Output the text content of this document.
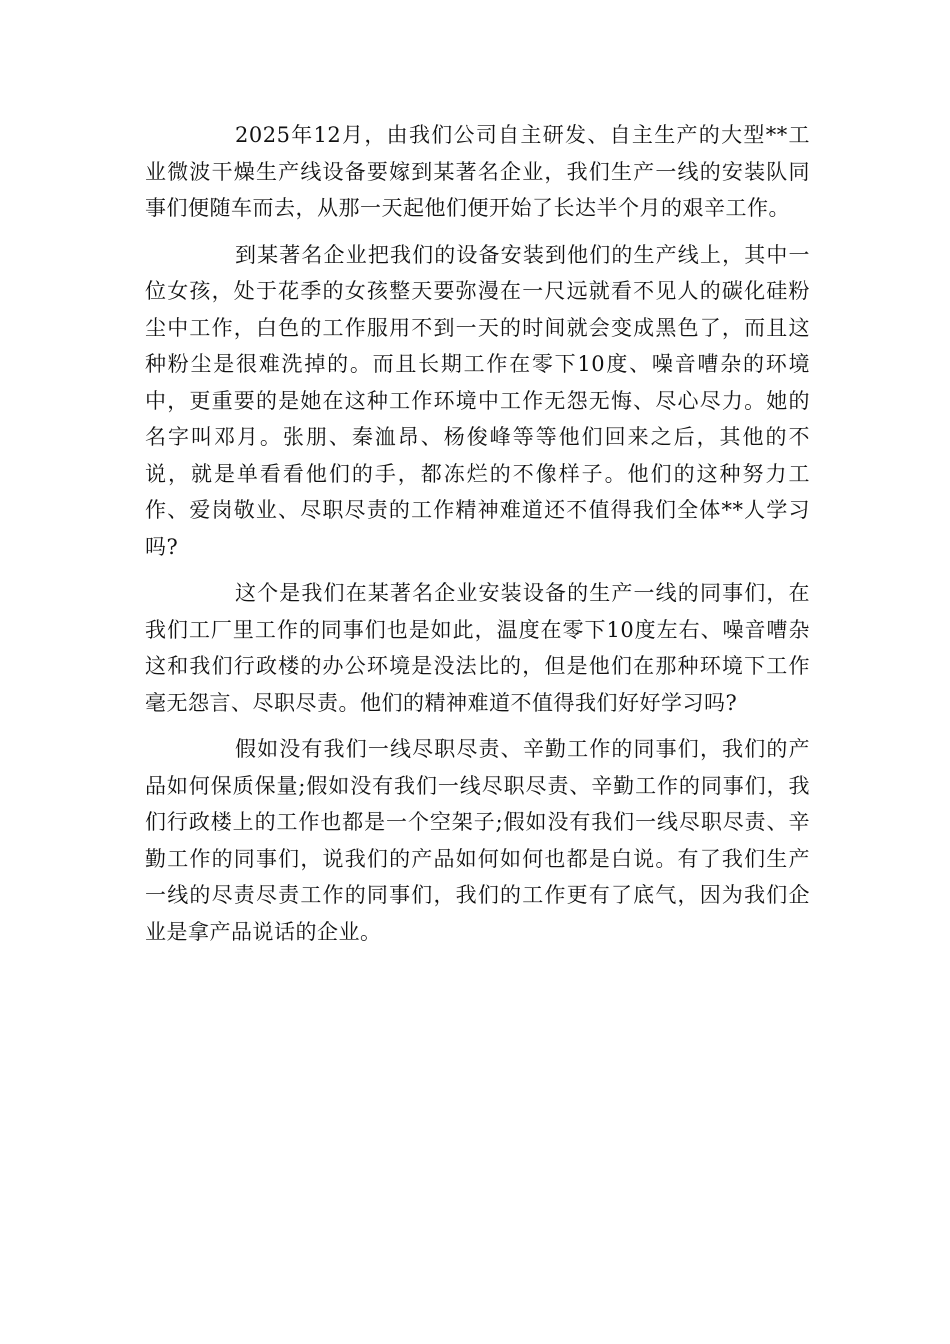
2025年12月，由我们公司自主研发、自主生产的大型**工业微波干燥生产线设备要嫁到某著名企业，我们生产一线的安装队同事们便随车而去，从那一天起他们便开始了长达半个月的艰辛工作。

到某著名企业把我们的设备安装到他们的生产线上，其中一位女孩，处于花季的女孩整天要弥漫在一尺远就看不见人的碳化硅粉尘中工作，白色的工作服用不到一天的时间就会变成黑色了，而且这种粉尘是很难洗掉的。而且长期工作在零下10度、噪音嘈杂的环境中，更重要的是她在这种工作环境中工作无怨无悔、尽心尽力。她的名字叫邓月。张朋、秦洫昂、杨俊峰等等他们回来之后，其他的不说，就是单看看他们的手，都冻烂的不像样子。他们的这种努力工作、爱岗敬业、尽职尽责的工作精神难道还不值得我们全体**人学习吗?

这个是我们在某著名企业安装设备的生产一线的同事们，在我们工厂里工作的同事们也是如此，温度在零下10度左右、噪音嘈杂这和我们行政楼的办公环境是没法比的，但是他们在那种环境下工作毫无怨言、尽职尽责。他们的精神难道不值得我们好好学习吗?

假如没有我们一线尽职尽责、辛勤工作的同事们，我们的产品如何保质保量;假如没有我们一线尽职尽责、辛勤工作的同事们，我们行政楼上的工作也都是一个空架子;假如没有我们一线尽职尽责、辛勤工作的同事们，说我们的产品如何如何也都是白说。有了我们生产一线的尽责尽责工作的同事们，我们的工作更有了底气，因为我们企业是拿产品说话的企业。
